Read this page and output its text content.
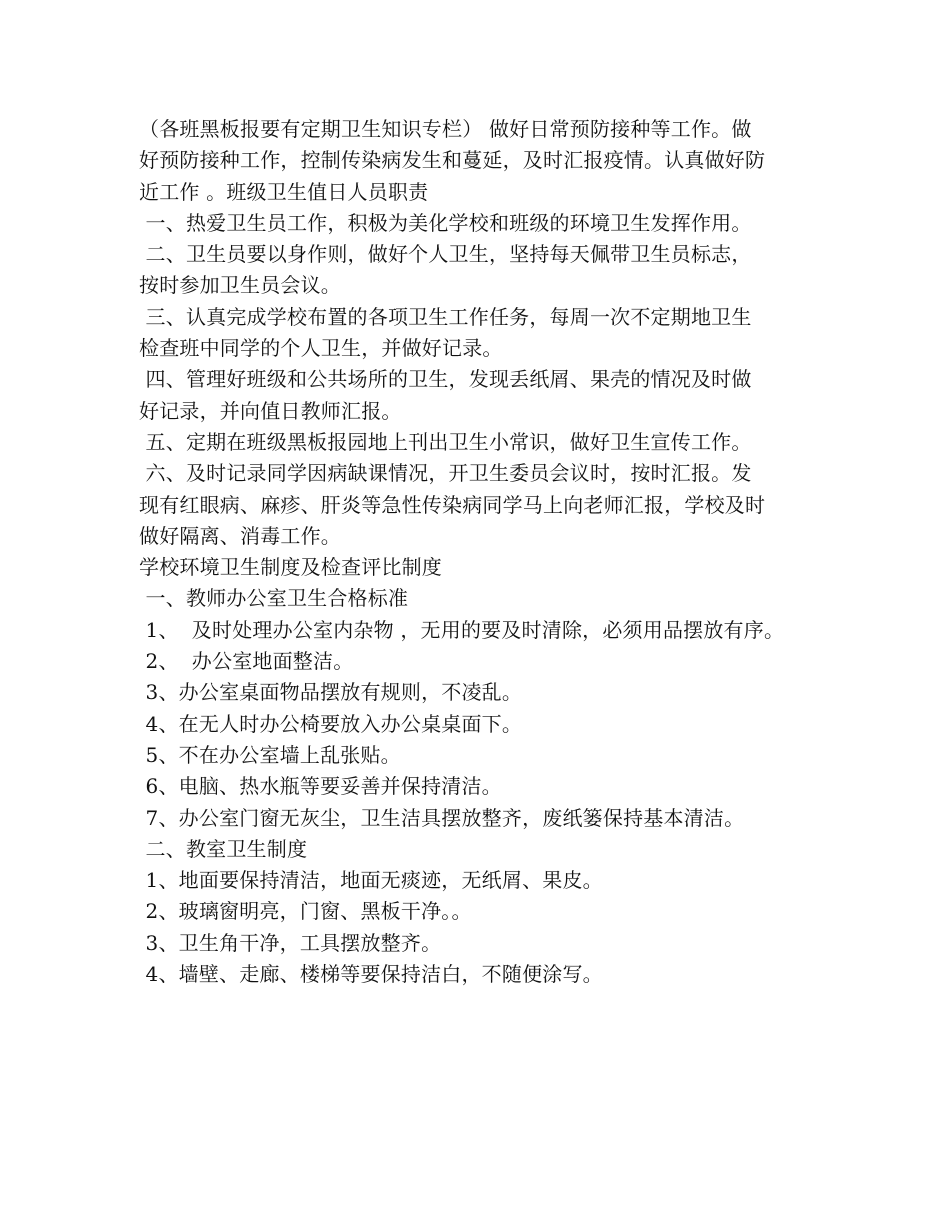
（各班黑板报要有定期卫生知识专栏） 做好日常预防接种等工作。做
好预防接种工作，控制传染病发生和蔓延，及时汇报疫情。认真做好防
近工作 。班级卫生值日人员职责
一、热爱卫生员工作，积极为美化学校和班级的环境卫生发挥作用。
二、卫生员要以身作则，做好个人卫生，坚持每天佩带卫生员标志，
按时参加卫生员会议。
三、认真完成学校布置的各项卫生工作任务，每周一次不定期地卫生
检查班中同学的个人卫生，并做好记录。
四、管理好班级和公共场所的卫生，发现丢纸屑、果壳的情况及时做
好记录，并向值日教师汇报。
五、定期在班级黑板报园地上刊出卫生小常识，做好卫生宣传工作。
六、及时记录同学因病缺课情况，开卫生委员会议时，按时汇报。发
现有红眼病、麻疹、肝炎等急性传染病同学马上向老师汇报，学校及时
做好隔离、消毒工作。
学校环境卫生制度及检查评比制度
一、教师办公室卫生合格标准
1、  及时处理办公室内杂物 ，无用的要及时清除，必须用品摆放有序。
2、  办公室地面整洁。
3、办公室桌面物品摆放有规则，不凌乱。
4、在无人时办公椅要放入办公桌桌面下。
5、不在办公室墙上乱张贴。
6、电脑、热水瓶等要妥善并保持清洁。
7、办公室门窗无灰尘，卫生洁具摆放整齐，废纸篓保持基本清洁。
二、教室卫生制度
1、地面要保持清洁，地面无痰迹，无纸屑、果皮。
2、玻璃窗明亮，门窗、黑板干净。。
3、卫生角干净，工具摆放整齐。
4、墙壁、走廊、楼梯等要保持洁白，不随便涂写。
